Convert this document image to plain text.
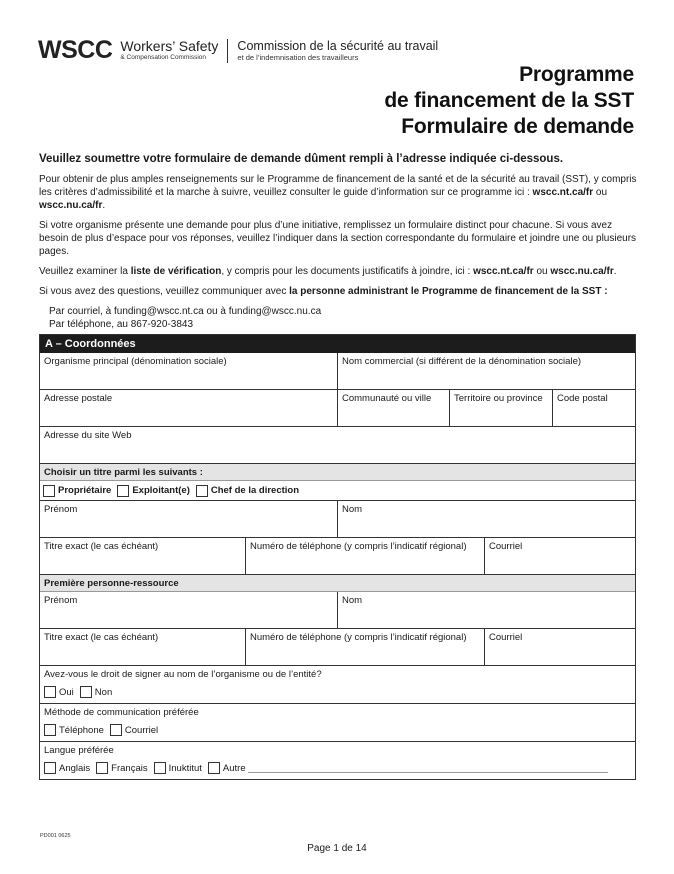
WSCC Workers’ Safety
& Compensation Commission
Commission de la sécurité au travail
et de l’indemnisation des travailleurs
Programme
de financement de la SST
Formulaire de demande
Veuillez soumettre votre formulaire de demande dûment rempli à l’adresse indiquée ci-dessous.

Pour obtenir de plus amples renseignements sur le Programme de financement de la santé et de la sécurité au travail (SST), y compris les critères d’admissibilité et la marche à suivre, veuillez consulter le guide d’information sur ce programme ici : wscc.nt.ca/fr ou wscc.nu.ca/fr.

Si votre organisme présente une demande pour plus d’une initiative, remplissez un formulaire distinct pour chacune. Si vous avez besoin de plus d’espace pour vos réponses, veuillez l’indiquer dans la section correspondante du formulaire et joindre une ou plusieurs pages.

Veuillez examiner la liste de vérification, y compris pour les documents justificatifs à joindre, ici : wscc.nt.ca/fr ou wscc.nu.ca/fr.

Si vous avez des questions, veuillez communiquer avec la personne administrant le Programme de financement de la SST :

Par courriel, à funding@wscc.nt.ca ou à funding@wscc.nu.ca
Par téléphone, au 867-920-3843
A – Coordonnées
Organisme principal (dénomination sociale)	Nom commercial (si différent de la dénomination sociale)
Adresse postale	Communauté ou ville	Territoire ou province	Code postal
Adresse du site Web
Choisir un titre parmi les suivants :
Propriétaire Exploitant(e) Chef de la direction
Prénom	Nom
Titre exact (le cas échéant)	Numéro de téléphone (y compris l’indicatif régional)	Courriel
Première personne-ressource
Prénom	Nom
Titre exact (le cas échéant)	Numéro de téléphone (y compris l’indicatif régional)	Courriel
Avez-vous le droit de signer au nom de l’organisme ou de l’entité?
Oui Non
Méthode de communication préférée
Téléphone Courriel
Langue préférée
Anglais Français Inuktitut Autre
PD001 0625
Page 1 de 14
